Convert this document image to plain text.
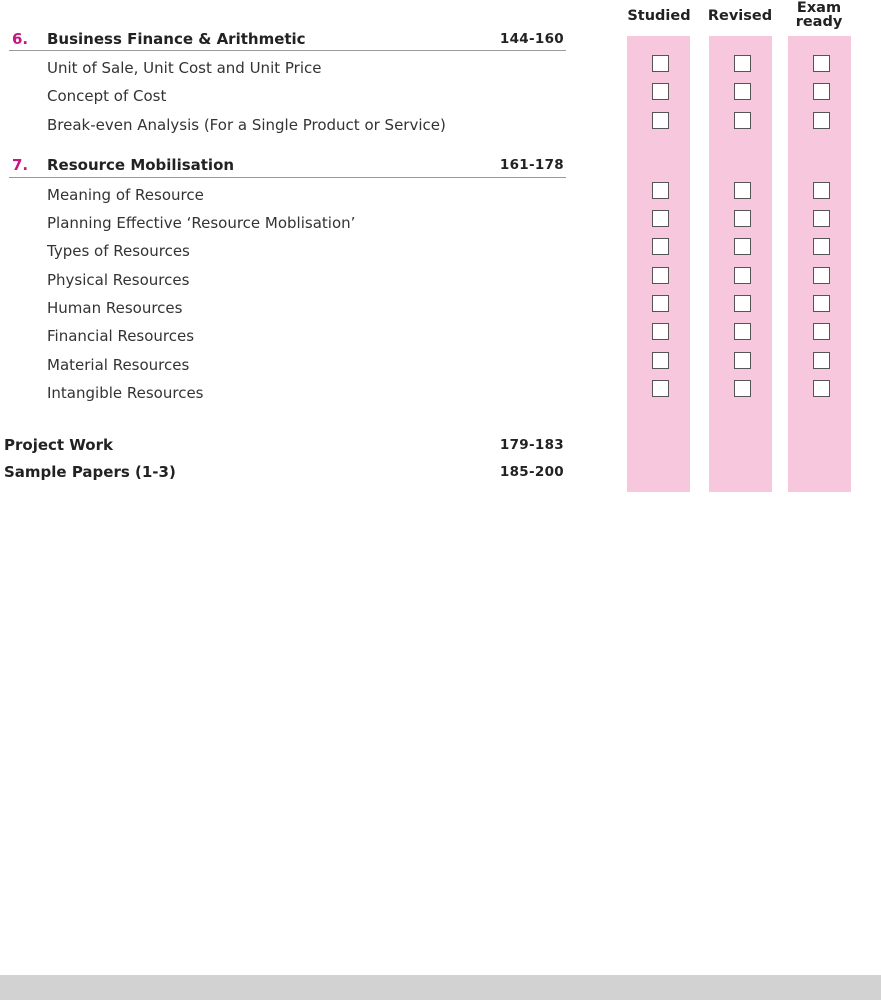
Studied	Revised	Exam
ready
6. Business Finance & Arithmetic	144-160
Unit of Sale, Unit Cost and Unit Price
Concept of Cost
Break-even Analysis (For a Single Product or Service)
7. Resource Mobilisation	161-178
Meaning of Resource
Planning Effective ‘Resource Moblisation’
Types of Resources
Physical Resources
Human Resources
Financial Resources
Material Resources
Intangible Resources
Project Work	179-183
Sample Papers (1-3)	185-200
